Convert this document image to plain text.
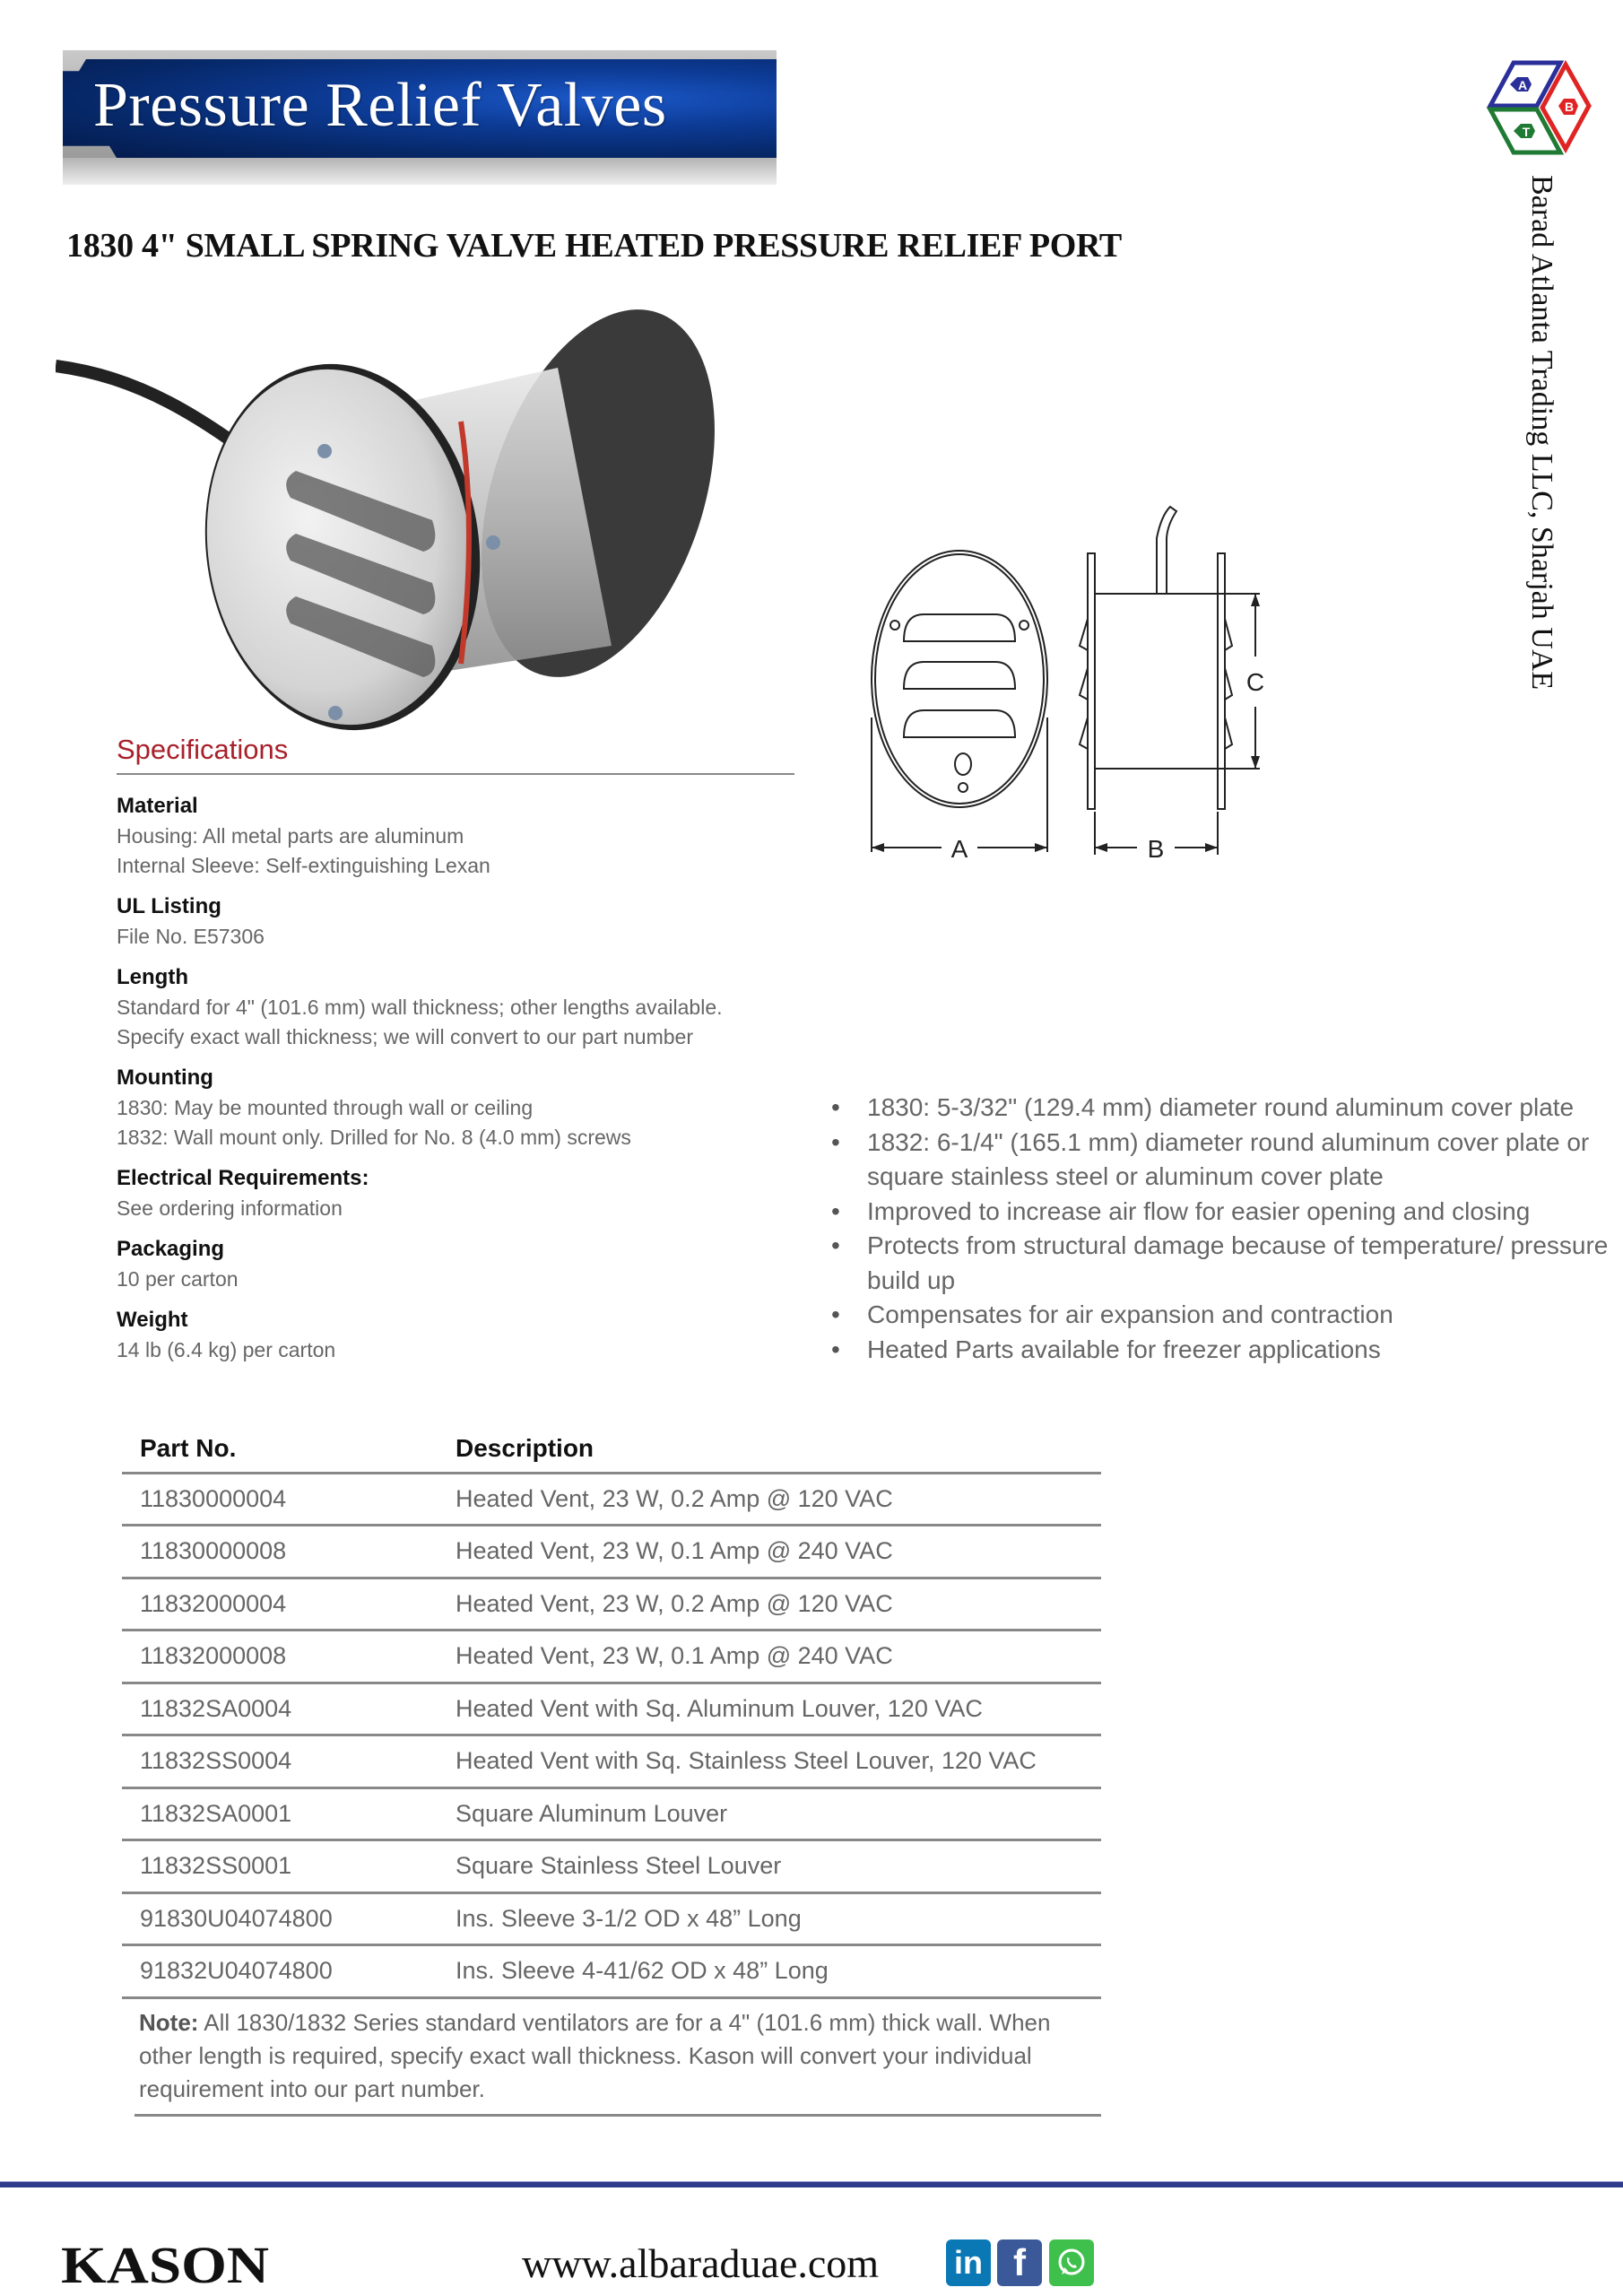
Pressure Relief Valves	A
B
T
Barad Atlanta Trading LLC, Sharjah UAE
1830 4" SMALL SPRING VALVE HEATED PRESSURE RELIEF PORT
A	B
C
Specifications
Material
Housing: All metal parts are aluminum
Internal Sleeve: Self-extinguishing Lexan
UL Listing
File No. E57306
Length
Standard for 4" (101.6 mm) wall thickness; other lengths available.
Specify exact wall thickness; we will convert to our part number
Mounting
1830: May be mounted through wall or ceiling
1832: Wall mount only. Drilled for No. 8 (4.0 mm) screws
Electrical Requirements:
See ordering information
Packaging
10 per carton
Weight
14 lb (6.4 kg) per carton
• 1830: 5-3/32" (129.4 mm) diameter round aluminum cover plate
• 1832: 6-1/4" (165.1 mm) diameter round aluminum cover plate or square stainless steel or aluminum cover plate
• Improved to increase air flow for easier opening and closing
• Protects from structural damage because of temperature/ pressure build up
• Compensates for air expansion and contraction
• Heated Parts available for freezer applications
Part No.	Description
11830000004	Heated Vent, 23 W, 0.2 Amp @ 120 VAC
11830000008	Heated Vent, 23 W, 0.1 Amp @ 240 VAC
11832000004	Heated Vent, 23 W, 0.2 Amp @ 120 VAC
11832000008	Heated Vent, 23 W, 0.1 Amp @ 240 VAC
11832SA0004	Heated Vent with Sq. Aluminum Louver, 120 VAC
11832SS0004	Heated Vent with Sq. Stainless Steel Louver, 120 VAC
11832SA0001	Square Aluminum Louver
11832SS0001	Square Stainless Steel Louver
91830U04074800	Ins. Sleeve 3-1/2 OD x 48” Long
91832U04074800	Ins. Sleeve 4-41/62 OD x 48” Long
Note: All 1830/1832 Series standard ventilators are for a 4" (101.6 mm) thick wall. When other length is required, specify exact wall thickness. Kason will convert your individual requirement into our part number.
KASON	www.albaraduae.com in f
